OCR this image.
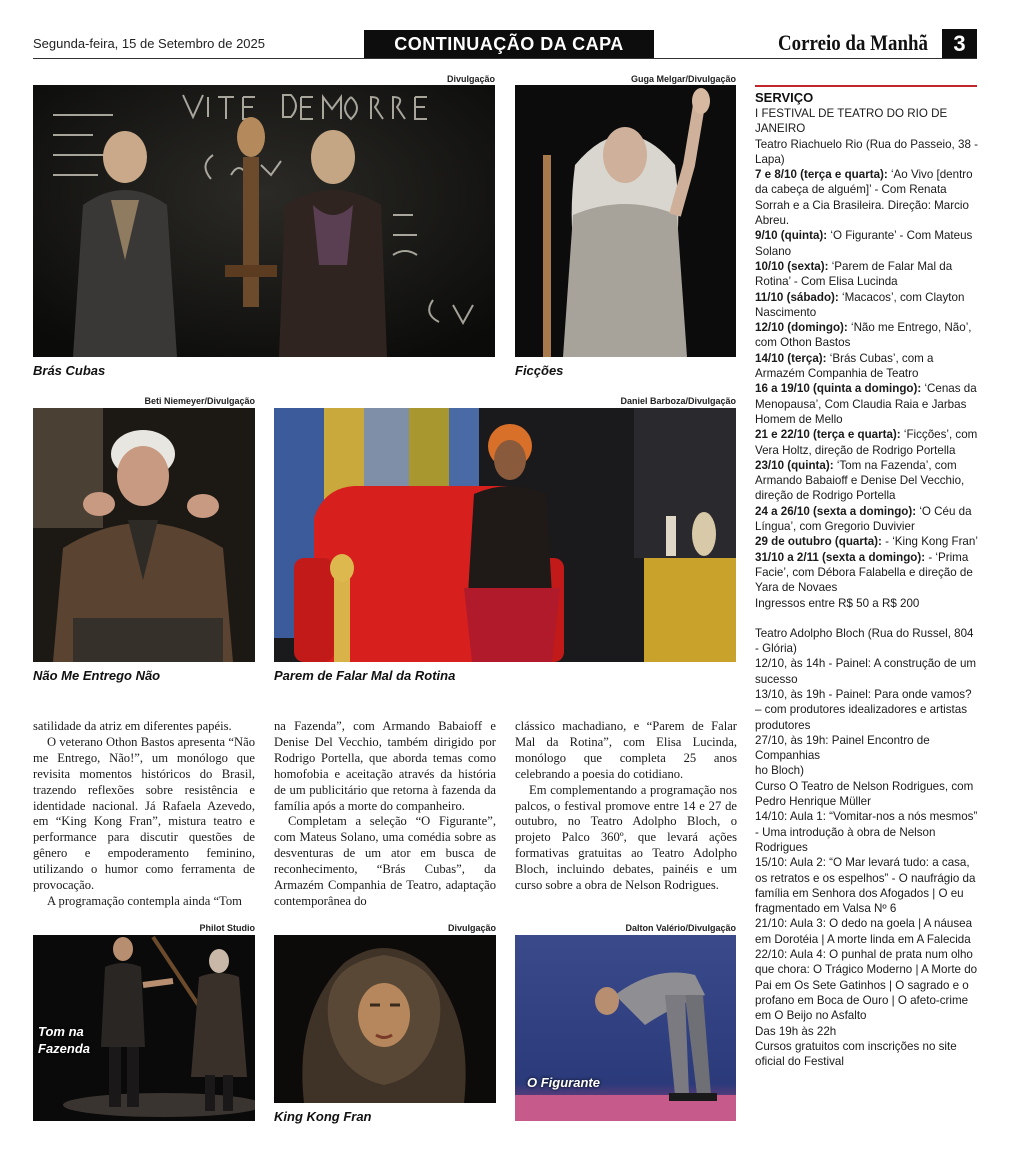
Segunda-feira, 15 de Setembro de 2025	CONTINUAÇÃO DA CAPA	Correio da Manhã	3
Divulgação
Brás Cubas
Guga Melgar/Divulgação
Ficções
Beti Niemeyer/Divulgação
Não Me Entrego Não
Daniel Barboza/Divulgação
Parem de Falar Mal da Rotina

satilidade da atriz em diferentes papéis.

O veterano Othon Bastos apresenta “Não me Entrego, Não!”, um monólogo que revisita momentos históricos do Brasil, trazendo reflexões sobre resistência e identidade nacional. Já Rafaela Azevedo, em “King Kong Fran”, mistura teatro e performance para discutir questões de gênero e empoderamento feminino, utilizando o humor como ferramenta de provocação.

A programação contempla ainda “Tom

na Fazenda”, com Armando Babaioff e Denise Del Vecchio, também dirigido por Rodrigo Portella, que aborda temas como homofobia e aceitação através da história de um publicitário que retorna à fazenda da família após a morte do companheiro.

Completam a seleção “O Figurante”, com Mateus Solano, uma comédia sobre as desventuras de um ator em busca de reconhecimento, “Brás Cubas”, da Armazém Companhia de Teatro, adaptação contemporânea do

clássico machadiano, e “Parem de Falar Mal da Rotina”, com Elisa Lucinda, monólogo que completa 25 anos celebrando a poesia do cotidiano.

Em complementando a programação nos palcos, o festival promove entre 14 e 27 de outubro, no Teatro Adolpho Bloch, o projeto Palco 360º, que levará ações formativas gratuitas ao Teatro Adolpho Bloch, incluindo debates, painéis e um curso sobre a obra de Nelson Rodrigues.

Philot Studio
Tom na
Fazenda
Divulgação
King Kong Fran
Dalton Valério/Divulgação
O Figurante
SERVIÇO
I FESTIVAL DE TEATRO DO RIO DE JANEIRO
Teatro Riachuelo Rio (Rua do Passeio, 38 - Lapa)
7 e 8/10 (terça e quarta): ‘Ao Vivo [dentro da cabeça de alguém]’ - Com Renata Sorrah e a Cia Brasileira. Direção: Marcio Abreu.
9/10 (quinta): ‘O Figurante’ - Com Mateus Solano
10/10 (sexta): ‘Parem de Falar Mal da Rotina’ - Com Elisa Lucinda
11/10 (sábado): ‘Macacos’, com Clayton Nascimento
12/10 (domingo): ‘Não me Entrego, Não’, com Othon Bastos
14/10 (terça): ‘Brás Cubas’, com a Armazém Companhia de Teatro
16 a 19/10 (quinta a domingo): ‘Cenas da Menopausa’, Com Claudia Raia e Jarbas Homem de Mello
21 e 22/10 (terça e quarta): ‘Ficções’, com Vera Holtz, direção de Rodrigo Portella
23/10 (quinta): ‘Tom na Fazenda’, com Armando Babaioff e Denise Del Vecchio, direção de Rodrigo Portella
24 a 26/10 (sexta a domingo): ‘O Céu da Língua’, com Gregorio Duvivier
29 de outubro (quarta): - ‘King Kong Fran’
31/10 a 2/11 (sexta a domingo): - ‘Prima Facie’, com Débora Falabella e direção de Yara de Novaes
Ingressos entre R$ 50 a R$ 200
Teatro Adolpho Bloch (Rua do Russel, 804 - Glória)
12/10, às 14h - Painel: A construção de um sucesso
13/10, às 19h - Painel: Para onde vamos? – com produtores idealizadores e artistas produtores
27/10, às 19h: Painel Encontro de Companhias
ho Bloch)
Curso O Teatro de Nelson Rodrigues, com Pedro Henrique Müller
14/10: Aula 1: “Vomitar-nos a nós mesmos” - Uma introdução à obra de Nelson Rodrigues
15/10: Aula 2: “O Mar levará tudo: a casa, os retratos e os espelhos” - O naufrágio da família em Senhora dos Afogados | O eu fragmentado em Valsa Nº 6
21/10: Aula 3: O dedo na goela | A náusea em Dorotéia | A morte linda em A Falecida
22/10: Aula 4: O punhal de prata num olho que chora: O Trágico Moderno | A Morte do Pai em Os Sete Gatinhos | O sagrado e o profano em Boca de Ouro | O afeto-crime em O Beijo no Asfalto
Das 19h às 22h
Cursos gratuitos com inscrições no site oficial do Festival
